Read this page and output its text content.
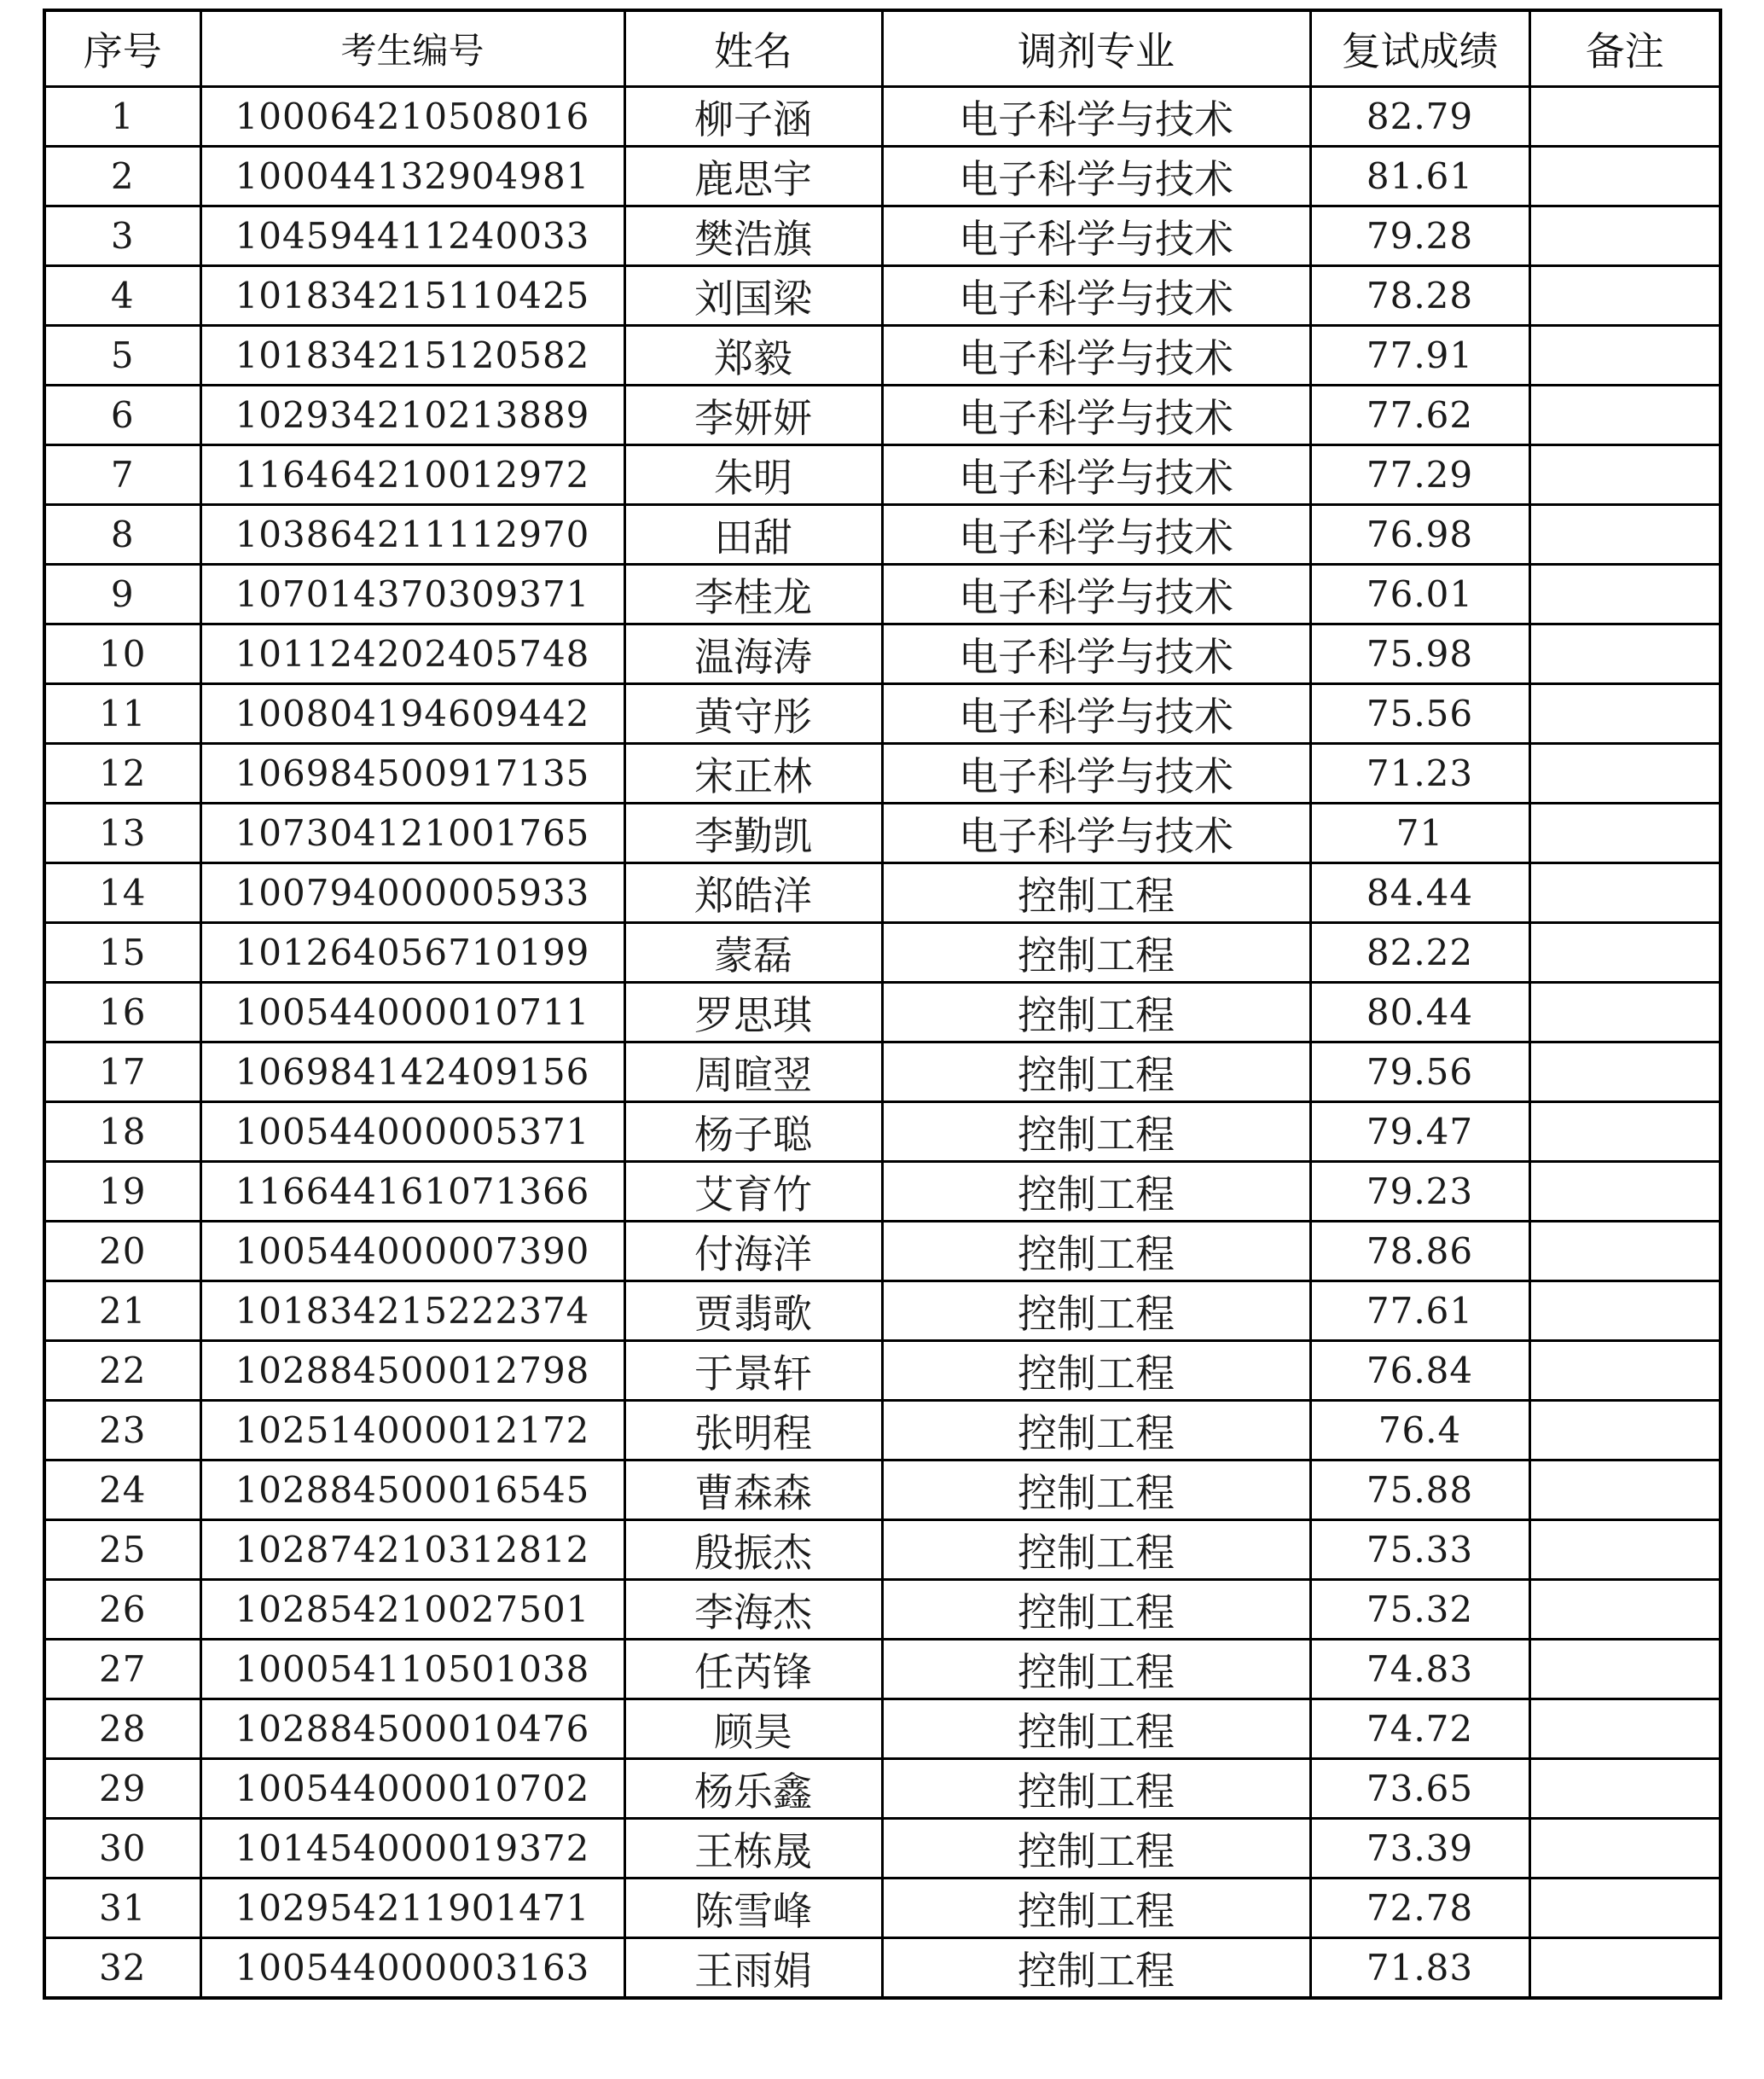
序号	考生编号	姓名	调剂专业	复试成绩	备注
1	100064210508016	柳子涵	电子科学与技术	82.79	
2	100044132904981	鹿思宇	电子科学与技术	81.61	
3	104594411240033	樊浩旗	电子科学与技术	79.28	
4	101834215110425	刘国梁	电子科学与技术	78.28	
5	101834215120582	郑毅	电子科学与技术	77.91	
6	102934210213889	李妍妍	电子科学与技术	77.62	
7	116464210012972	朱明	电子科学与技术	77.29	
8	103864211112970	田甜	电子科学与技术	76.98	
9	107014370309371	李桂龙	电子科学与技术	76.01	
10	101124202405748	温海涛	电子科学与技术	75.98	
11	100804194609442	黄守彤	电子科学与技术	75.56	
12	106984500917135	宋正林	电子科学与技术	71.23	
13	107304121001765	李勤凯	电子科学与技术	71	
14	100794000005933	郑皓洋	控制工程	84.44	
15	101264056710199	蒙磊	控制工程	82.22	
16	100544000010711	罗思琪	控制工程	80.44	
17	106984142409156	周暄翌	控制工程	79.56	
18	100544000005371	杨子聪	控制工程	79.47	
19	116644161071366	艾育竹	控制工程	79.23	
20	100544000007390	付海洋	控制工程	78.86	
21	101834215222374	贾翡歌	控制工程	77.61	
22	102884500012798	于景轩	控制工程	76.84	
23	102514000012172	张明程	控制工程	76.4	
24	102884500016545	曹森森	控制工程	75.88	
25	102874210312812	殷振杰	控制工程	75.33	
26	102854210027501	李海杰	控制工程	75.32	
27	100054110501038	任芮锋	控制工程	74.83	
28	102884500010476	顾昊	控制工程	74.72	
29	100544000010702	杨乐鑫	控制工程	73.65	
30	101454000019372	王栋晟	控制工程	73.39	
31	102954211901471	陈雪峰	控制工程	72.78	
32	100544000003163	王雨娟	控制工程	71.83	
